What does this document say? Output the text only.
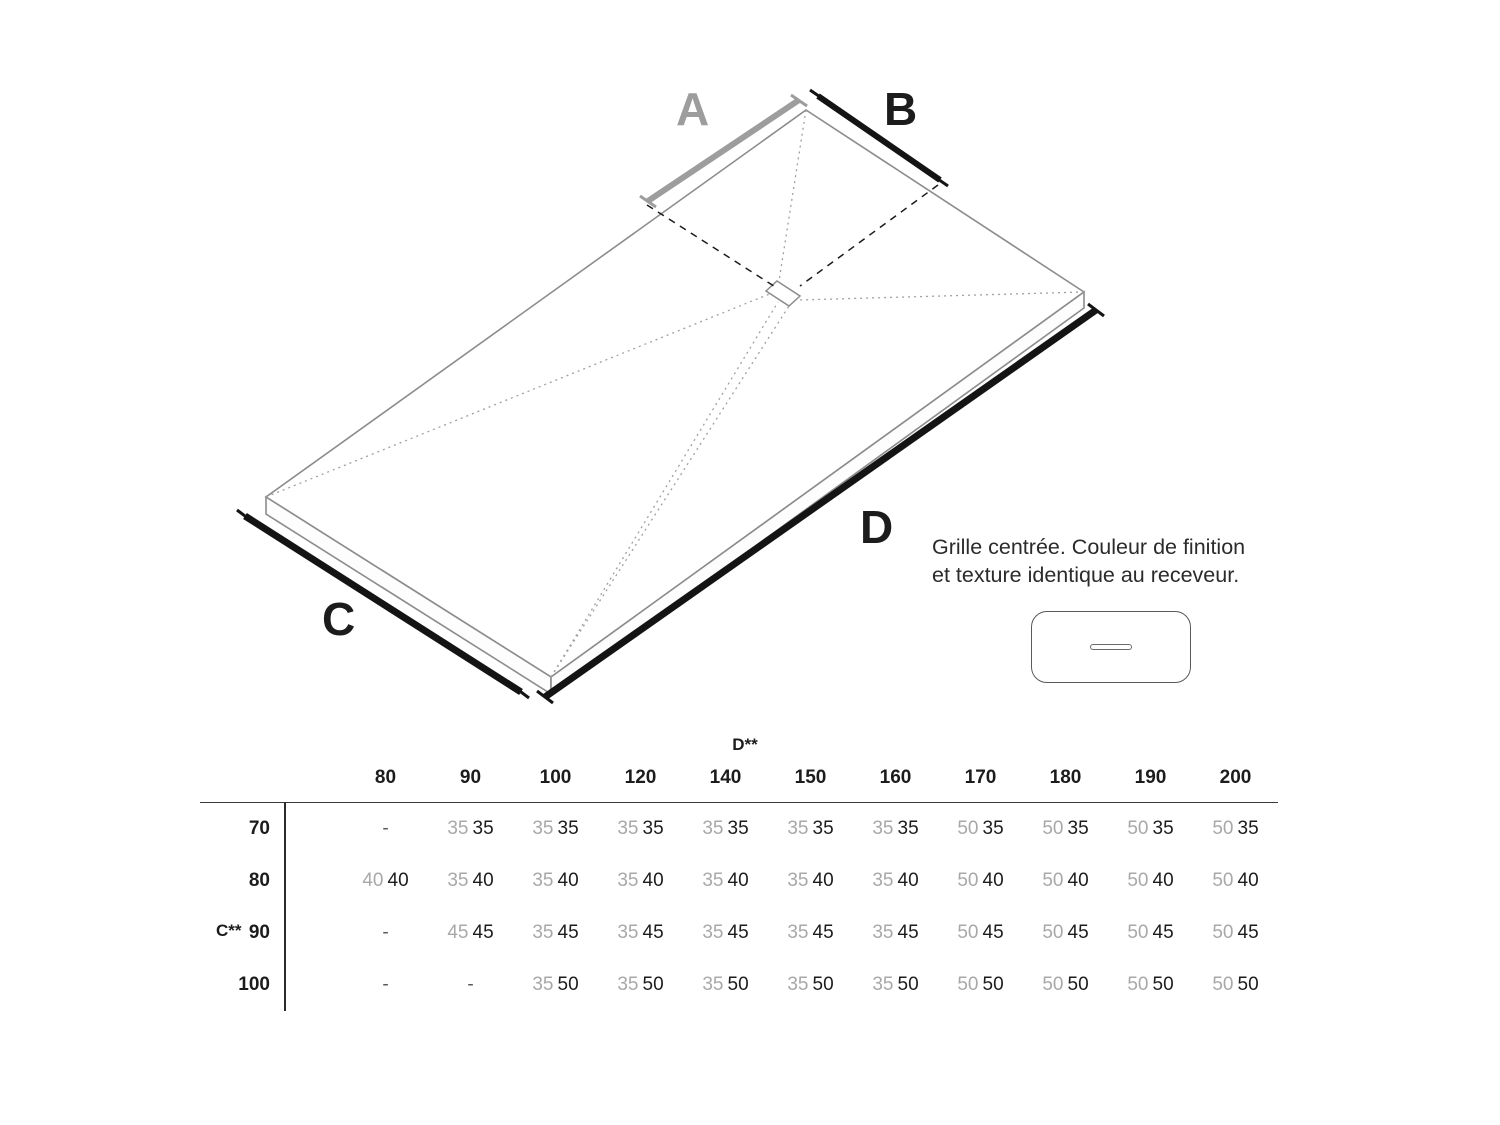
A	B
C
D Grille centrée. Couleur de finition
et texture identique au receveur.
D**
C**
		80	90	100	120	140	150	160	170	180	190	200
70		-	35 35	35 35	35 35	35 35	35 35	35 35	50 35	50 35	50 35	50 35
80		40 40	35 40	35 40	35 40	35 40	35 40	35 40	50 40	50 40	50 40	50 40
90		-	45 45	35 45	35 45	35 45	35 45	35 45	50 45	50 45	50 45	50 45
100		-	-	35 50	35 50	35 50	35 50	35 50	50 50	50 50	50 50	50 50
